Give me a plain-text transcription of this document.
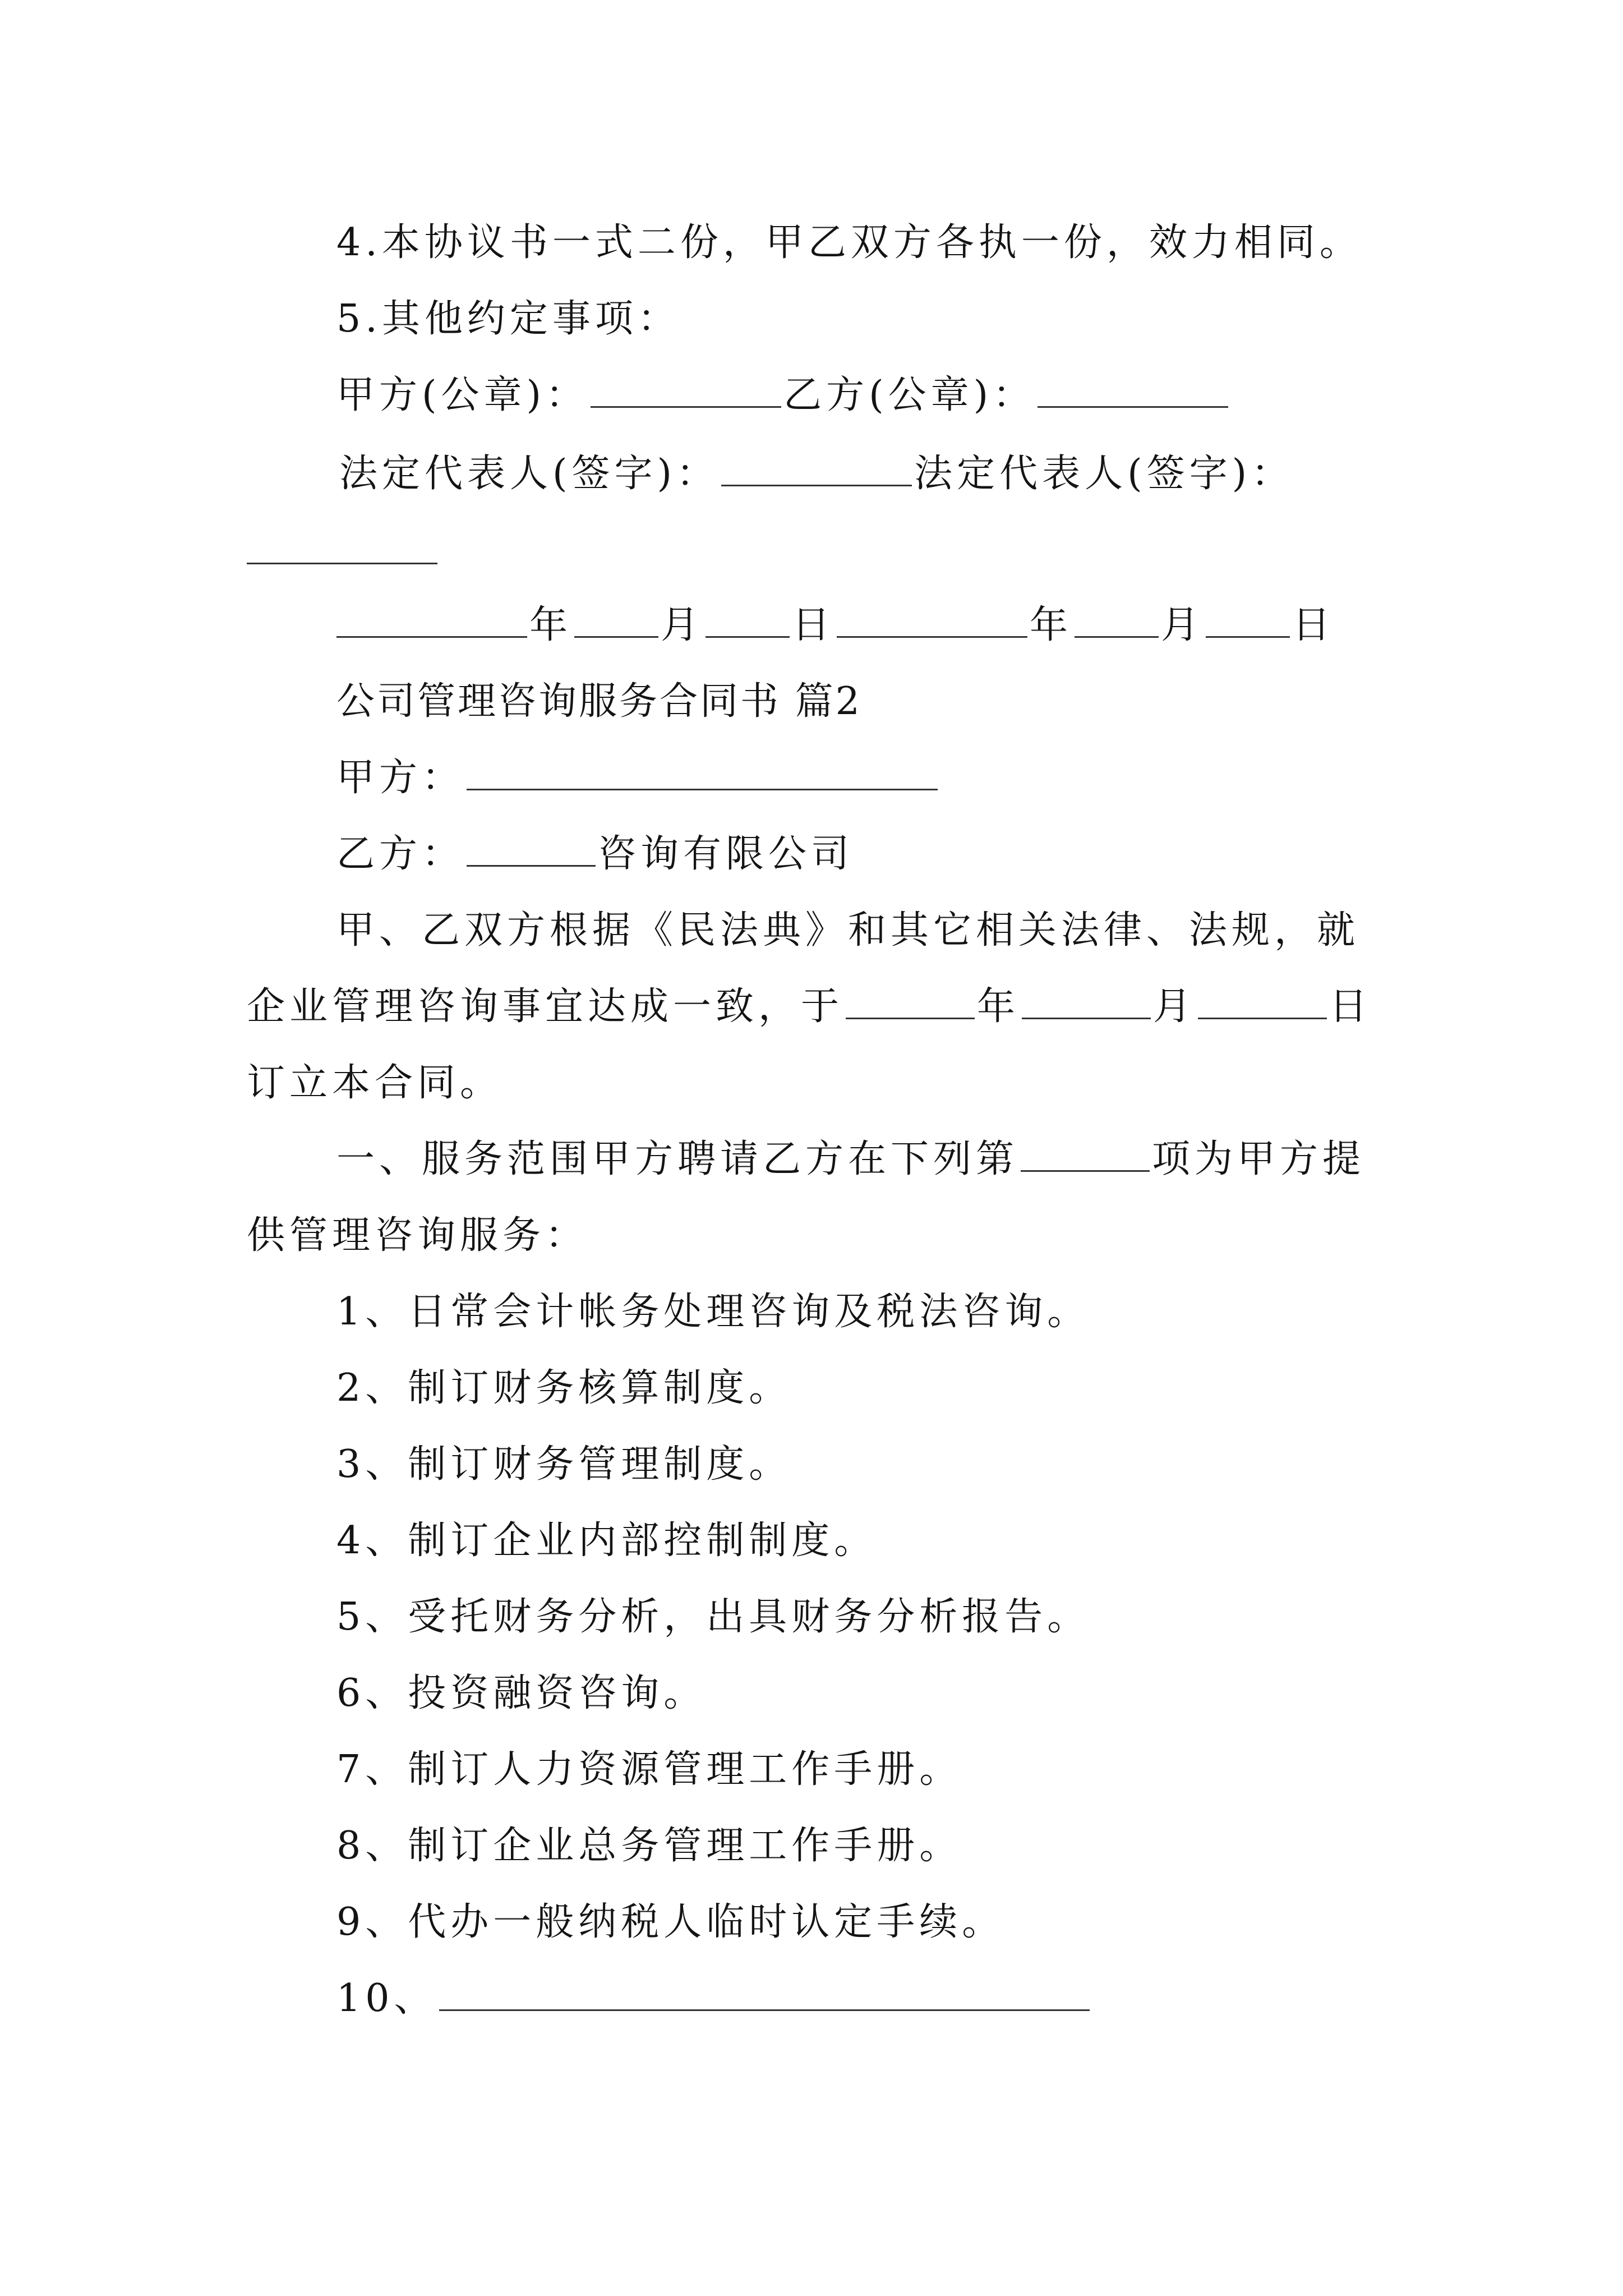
4.本协议书一式二份，甲乙双方各执一份，效力相同。
5.其他约定事项：
甲方(公章)：	乙方(公章)：
法定代表人(签字)：	法定代表人(签字)：
年 月 日	年 月 日
公司管理咨询服务合同书 篇2
甲方：
乙方：	咨询有限公司
甲、乙双方根据《民法典》和其它相关法律、法规，就
企业管理咨询事宜达成一致，于	年	月	日
订立本合同。
一、服务范围甲方聘请乙方在下列第	项为甲方提
供管理咨询服务：
1、日常会计帐务处理咨询及税法咨询。
2、制订财务核算制度。
3、制订财务管理制度。
4、制订企业内部控制制度。
5、受托财务分析，出具财务分析报告。
6、投资融资咨询。
7、制订人力资源管理工作手册。
8、制订企业总务管理工作手册。
9、代办一般纳税人临时认定手续。
10、
